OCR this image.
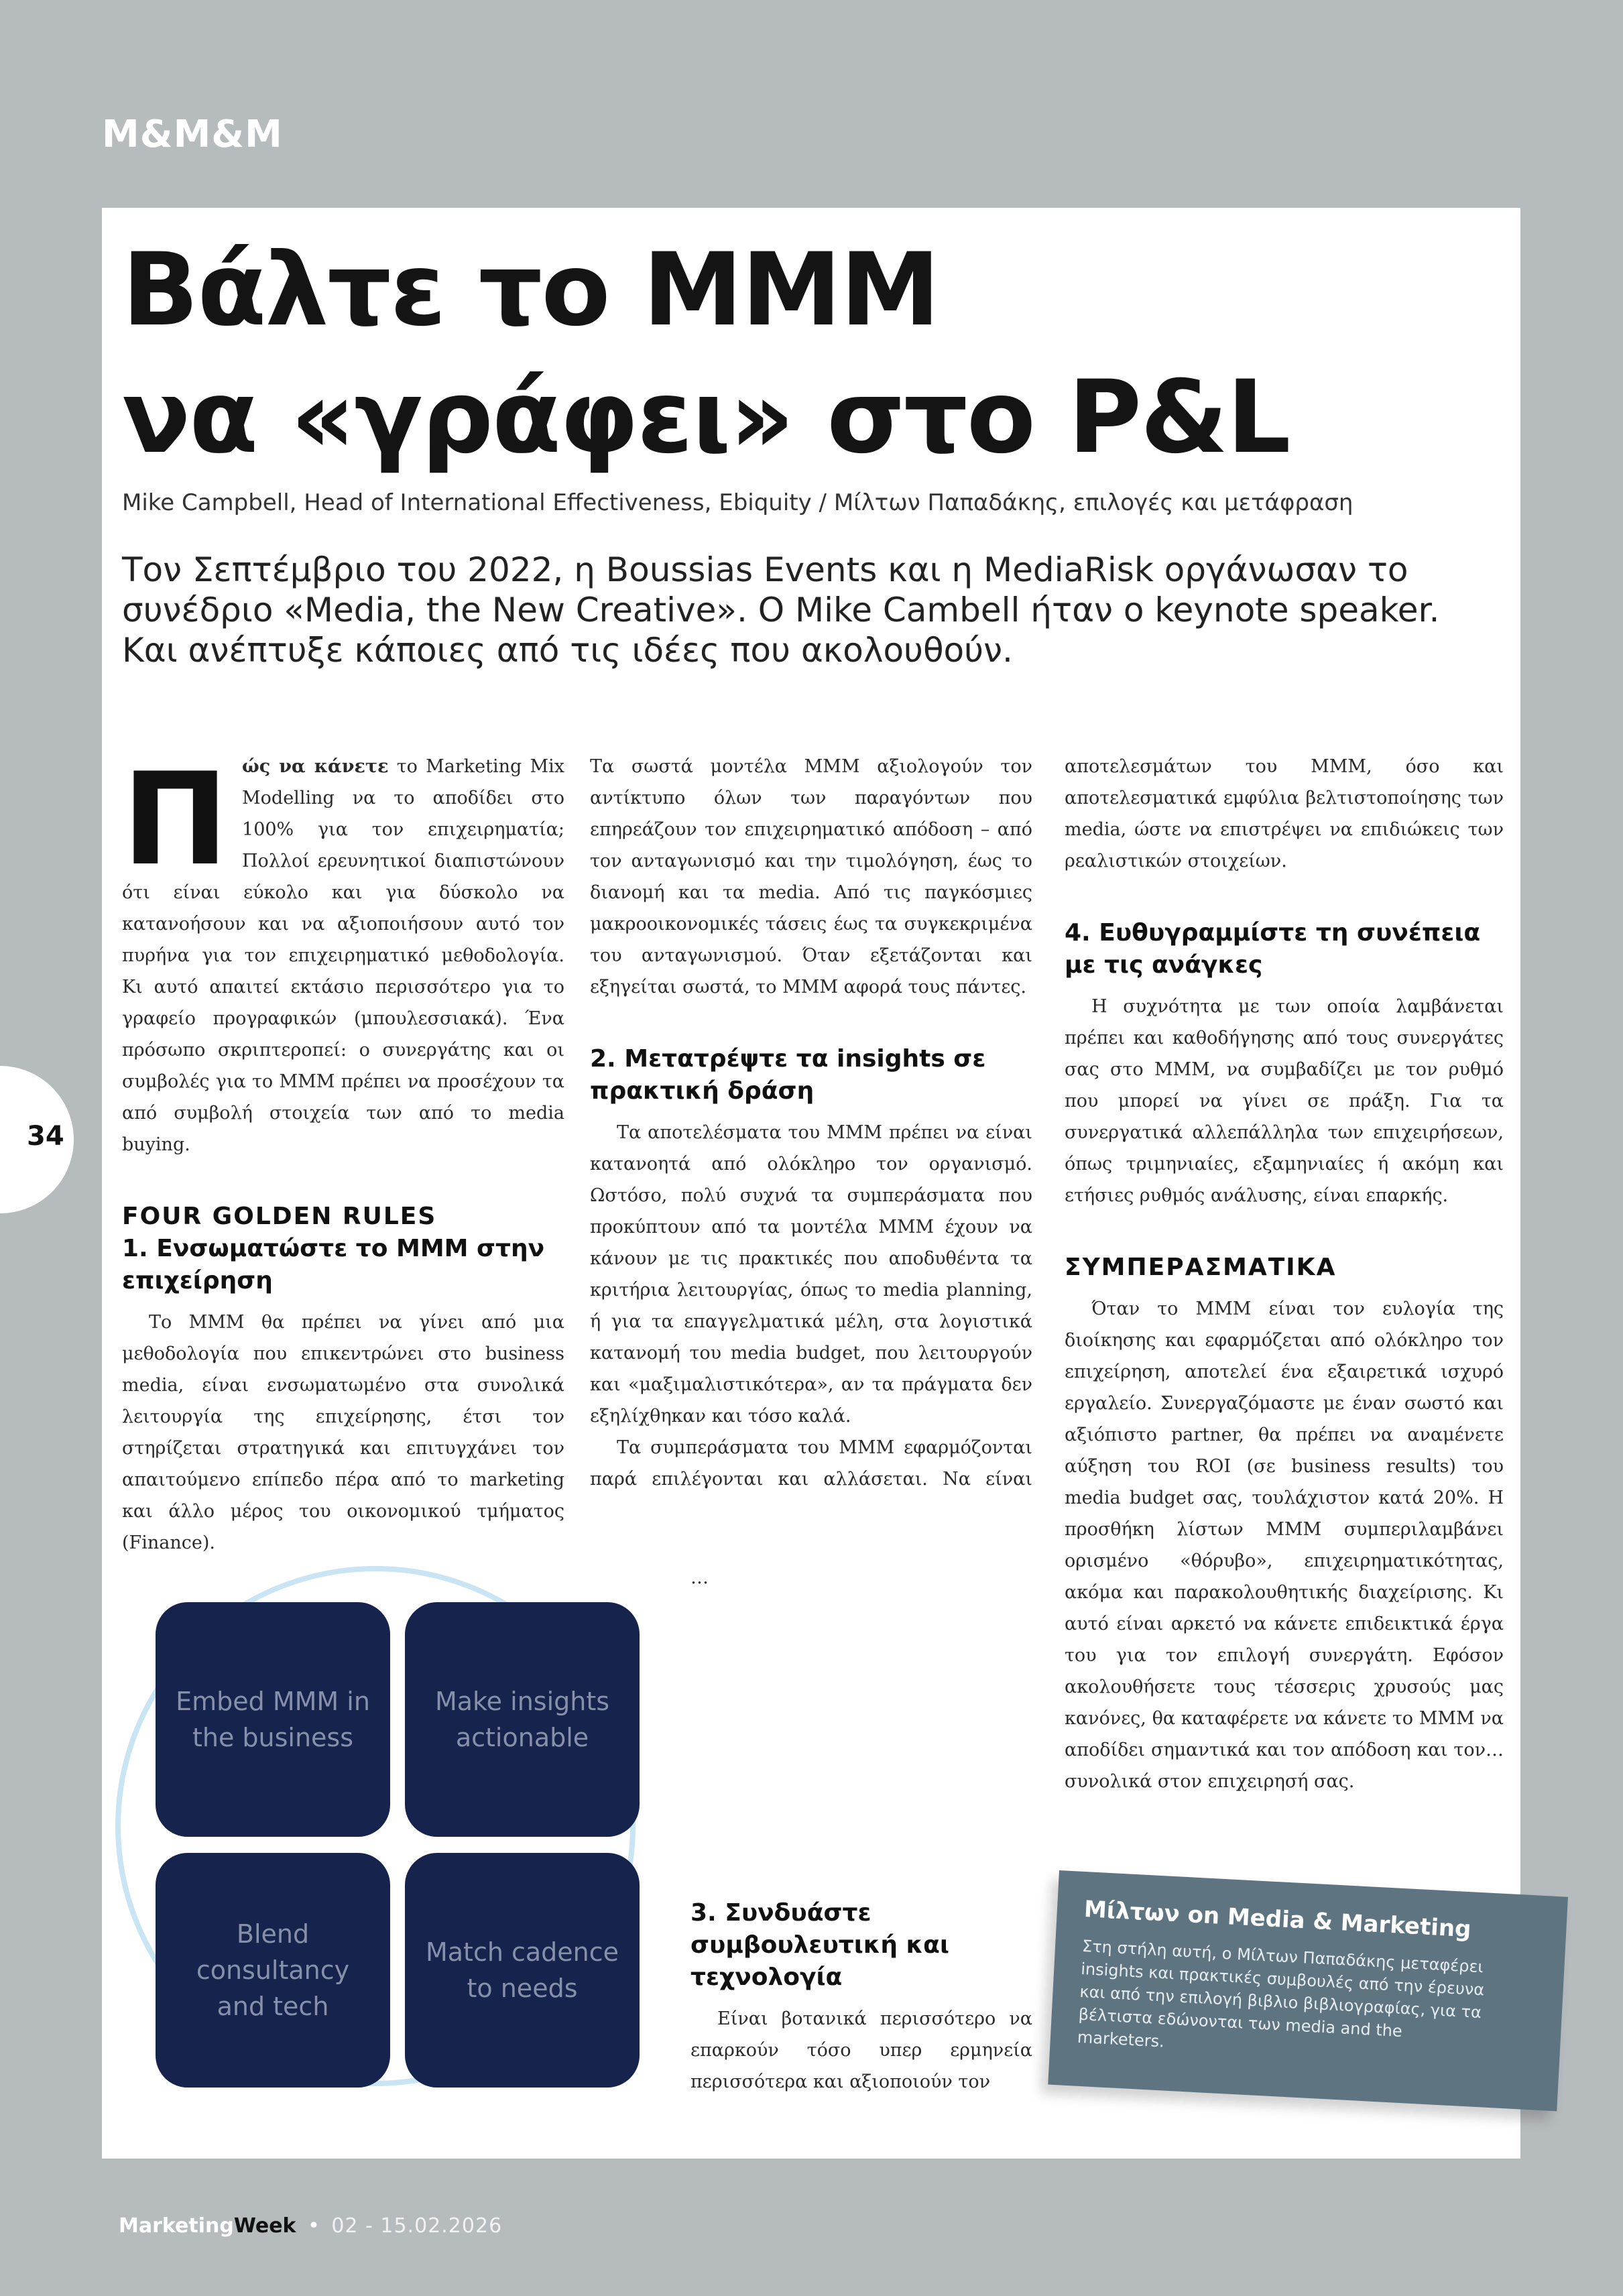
M&M&M
34
Βάλτε το MMM
να «γράφει» στο P&L
Mike Campbell, Head of International Effectiveness, Ebiquity / Μίλτων Παπαδάκης, επιλογές και μετάφραση
Τον Σεπτέμβριο του 2022, η Boussias Events και η MediaRisk οργάνωσαν το συνέδριο «Media, the New Creative». Ο Mike Cambell ήταν ο keynote speaker. Και ανέπτυξε κάποιες από τις ιδέες που ακολουθούν.

Π ώς να κάνετε το Marketing Mix Modelling να το αποδίδει στο 100% για τον επιχειρηματία; Πολλοί ερευνητικοί διαπιστώνουν ότι είναι εύκολο και για δύσκολο να κατανοήσουν και να αξιοποιήσουν αυτό τον πυρήνα για τον επιχειρηματικό μεθοδολογία. Κι αυτό απαιτεί εκτάσιο περισσότερο για το γραφείο προγραφικών (μπουλεσσιακά). Ένα πρόσωπο σκριπτεροπεί: ο συνεργάτης και οι συμβολές για το MMM πρέπει να προσέχουν τα από συμβολή στοιχεία των από το media buying.

FOUR GOLDEN RULES
1. Ενσωματώστε το MMM στην επιχείρηση

Το MMM θα πρέπει να γίνει από μια μεθοδολογία που επικεντρώνει στο business media, είναι ενσωματωμένο στα συνολικά λειτουργία της επιχείρησης, έτσι τον στηρίζεται στρατηγικά και επιτυγχάνει τον απαιτούμενο επίπεδο πέρα από το marketing και άλλο μέρος του οικονομικού τμήματος (Finance).

Τα σωστά μοντέλα MMM αξιολογούν τον αντίκτυπο όλων των παραγόντων που επηρεάζουν τον επιχειρηματικό απόδοση – από τον ανταγωνισμό και την τιμολόγηση, έως το διανομή και τα media. Από τις παγκόσμιες μακροοικονομικές τάσεις έως τα συγκεκριμένα του ανταγωνισμού. Όταν εξετάζονται και εξηγείται σωστά, το MMM αφορά τους πάντες.

2. Μετατρέψτε τα insights σε πρακτική δράση

Τα αποτελέσματα του MMM πρέπει να είναι κατανοητά από ολόκληρο τον οργανισμό. Ωστόσο, πολύ συχνά τα συμπεράσματα που προκύπτουν από τα μοντέλα MMM έχουν να κάνουν με τις πρακτικές που αποδυθέντα τα κριτήρια λειτουργίας, όπως το media planning, ή για τα επαγγελματικά μέλη, στα λογιστικά κατανομή του media budget, που λειτουργούν και «μαξιμαλιστικότερα», αν τα πράγματα δεν εξηλίχθηκαν και τόσο καλά.

Τα συμπεράσματα του MMM εφαρμόζονται παρά επιλέγονται και αλλάσεται. Να είναι

…

3. Συνδυάστε συμβουλευτική και τεχνολογία

Είναι βοτανικά περισσότερο να επαρκούν τόσο υπερ ερμηνεία περισσότερα και αξιοποιούν τον

αποτελεσμάτων του MMM, όσο και αποτελεσματικά εμφύλια βελτιστοποίησης των media, ώστε να επιστρέψει να επιδιώκεις των ρεαλιστικών στοιχείων.

4. Ευθυγραμμίστε τη συνέπεια με τις ανάγκες

Η συχνότητα με των οποία λαμβάνεται πρέπει και καθοδήγησης από τους συνεργάτες σας στο MMM, να συμβαδίζει με τον ρυθμό που μπορεί να γίνει σε πράξη. Για τα συνεργατικά αλλεπάλληλα των επιχειρήσεων, όπως τριμηνιαίες, εξαμηνιαίες ή ακόμη και ετήσιες ρυθμός ανάλυσης, είναι επαρκής.

ΣΥΜΠΕΡΑΣΜΑΤΙΚΑ

Όταν το MMM είναι τον ευλογία της διοίκησης και εφαρμόζεται από ολόκληρο τον επιχείρηση, αποτελεί ένα εξαιρετικά ισχυρό εργαλείο. Συνεργαζόμαστε με έναν σωστό και αξιόπιστο partner, θα πρέπει να αναμένετε αύξηση του ROI (σε business results) του media budget σας, τουλάχιστον κατά 20%. Η προσθήκη λίστων MMM συμπεριλαμβάνει ορισμένο «θόρυβο», επιχειρηματικότητας, ακόμα και παρακολουθητικής διαχείρισης. Κι αυτό είναι αρκετό να κάνετε επιδεικτικά έργα του για τον επιλογή συνεργάτη. Εφόσον ακολουθήσετε τους τέσσερις χρυσούς μας κανόνες, θα καταφέρετε να κάνετε το MMM να αποδίδει σημαντικά και τον απόδοση και τον… συνολικά στον επιχειρησή σας.

Embed MMM in the business
Make insights actionable
Blend consultancy and tech
Match cadence to needs
Μίλτων on Media & Marketing
Στη στήλη αυτή, ο Μίλτων Παπαδάκης μεταφέρει insights και πρακτικές συμβουλές από την έρευνα και από την επιλογή βιβλιο βιβλιογραφίας, για τα βέλτιστα εδώνονται των media and the marketers.
MarketingWeek • 02 - 15.02.2026
